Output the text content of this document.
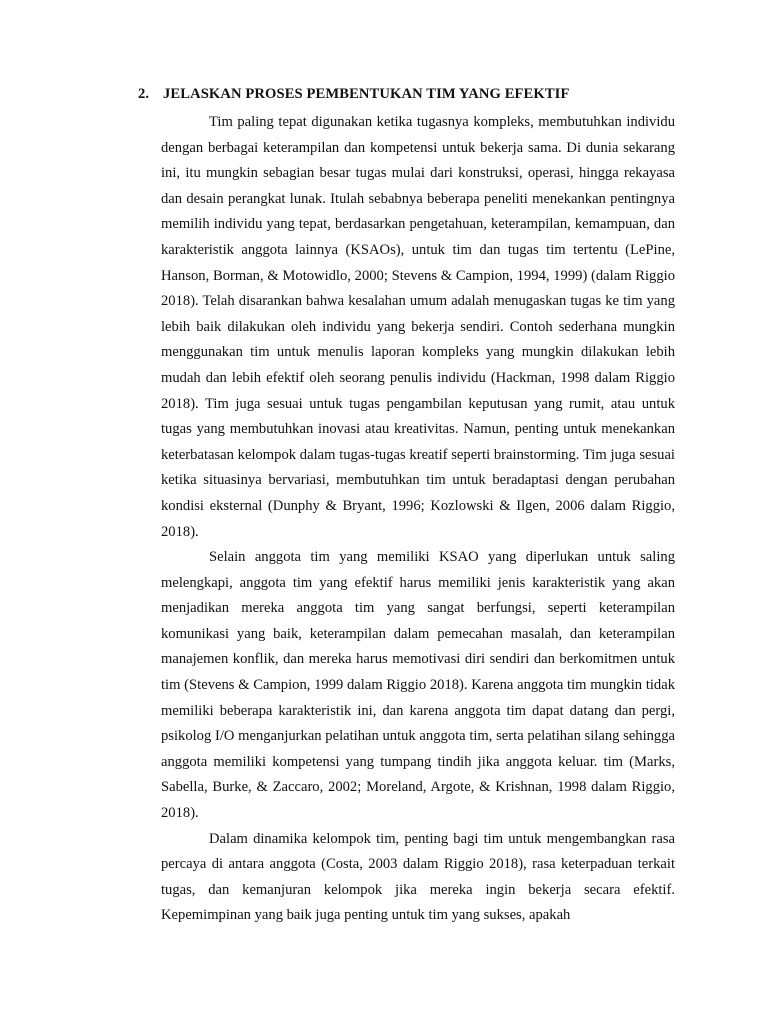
2. JELASKAN PROSES PEMBENTUKAN TIM YANG EFEKTIF

Tim paling tepat digunakan ketika tugasnya kompleks, membutuhkan individu dengan berbagai keterampilan dan kompetensi untuk bekerja sama. Di dunia sekarang ini, itu mungkin sebagian besar tugas mulai dari konstruksi, operasi, hingga rekayasa dan desain perangkat lunak. Itulah sebabnya beberapa peneliti menekankan pentingnya memilih individu yang tepat, berdasarkan pengetahuan, keterampilan, kemampuan, dan karakteristik anggota lainnya (KSAOs), untuk tim dan tugas tim tertentu (LePine, Hanson, Borman, & Motowidlo, 2000; Stevens & Campion, 1994, 1999) (dalam Riggio 2018). Telah disarankan bahwa kesalahan umum adalah menugaskan tugas ke tim yang lebih baik dilakukan oleh individu yang bekerja sendiri. Contoh sederhana mungkin menggunakan tim untuk menulis laporan kompleks yang mungkin dilakukan lebih mudah dan lebih efektif oleh seorang penulis individu (Hackman, 1998 dalam Riggio 2018). Tim juga sesuai untuk tugas pengambilan keputusan yang rumit, atau untuk tugas yang membutuhkan inovasi atau kreativitas. Namun, penting untuk menekankan keterbatasan kelompok dalam tugas-tugas kreatif seperti brainstorming. Tim juga sesuai ketika situasinya bervariasi, membutuhkan tim untuk beradaptasi dengan perubahan kondisi eksternal (Dunphy & Bryant, 1996; Kozlowski & Ilgen, 2006 dalam Riggio, 2018).

Selain anggota tim yang memiliki KSAO yang diperlukan untuk saling melengkapi, anggota tim yang efektif harus memiliki jenis karakteristik yang akan menjadikan mereka anggota tim yang sangat berfungsi, seperti keterampilan komunikasi yang baik, keterampilan dalam pemecahan masalah, dan keterampilan manajemen konflik, dan mereka harus memotivasi diri sendiri dan berkomitmen untuk tim (Stevens & Campion, 1999 dalam Riggio 2018). Karena anggota tim mungkin tidak memiliki beberapa karakteristik ini, dan karena anggota tim dapat datang dan pergi, psikolog I/O menganjurkan pelatihan untuk anggota tim, serta pelatihan silang sehingga anggota memiliki kompetensi yang tumpang tindih jika anggota keluar. tim (Marks, Sabella, Burke, & Zaccaro, 2002; Moreland, Argote, & Krishnan, 1998 dalam Riggio, 2018).

Dalam dinamika kelompok tim, penting bagi tim untuk mengembangkan rasa percaya di antara anggota (Costa, 2003 dalam Riggio 2018), rasa keterpaduan terkait tugas, dan kemanjuran kelompok jika mereka ingin bekerja secara efektif. Kepemimpinan yang baik juga penting untuk tim yang sukses, apakah
